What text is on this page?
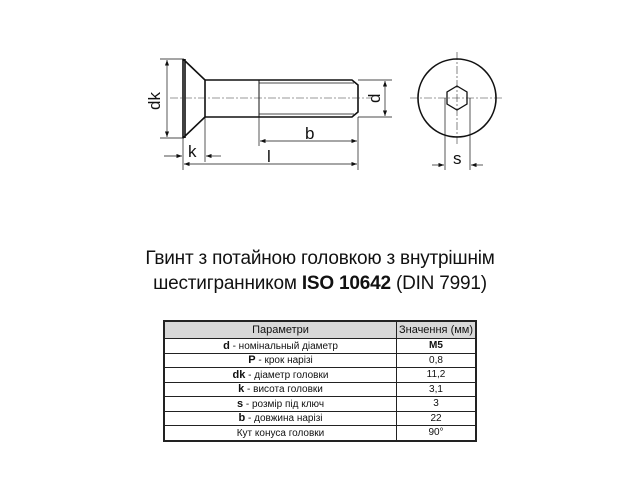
dk	d
b
l
k	s
Гвинт з потайною головкою з внутрішнім
шестигранником ISO 10642 (DIN 7991)
Параметри	Значення (мм)
d - номінальный діаметр	M5
P - крок нарізі	0,8
dk - діаметр головки	11,2
k - висота головки	3,1
s - розмір під ключ	3
b - довжина нарізі	22
Кут конуса головки	90°
